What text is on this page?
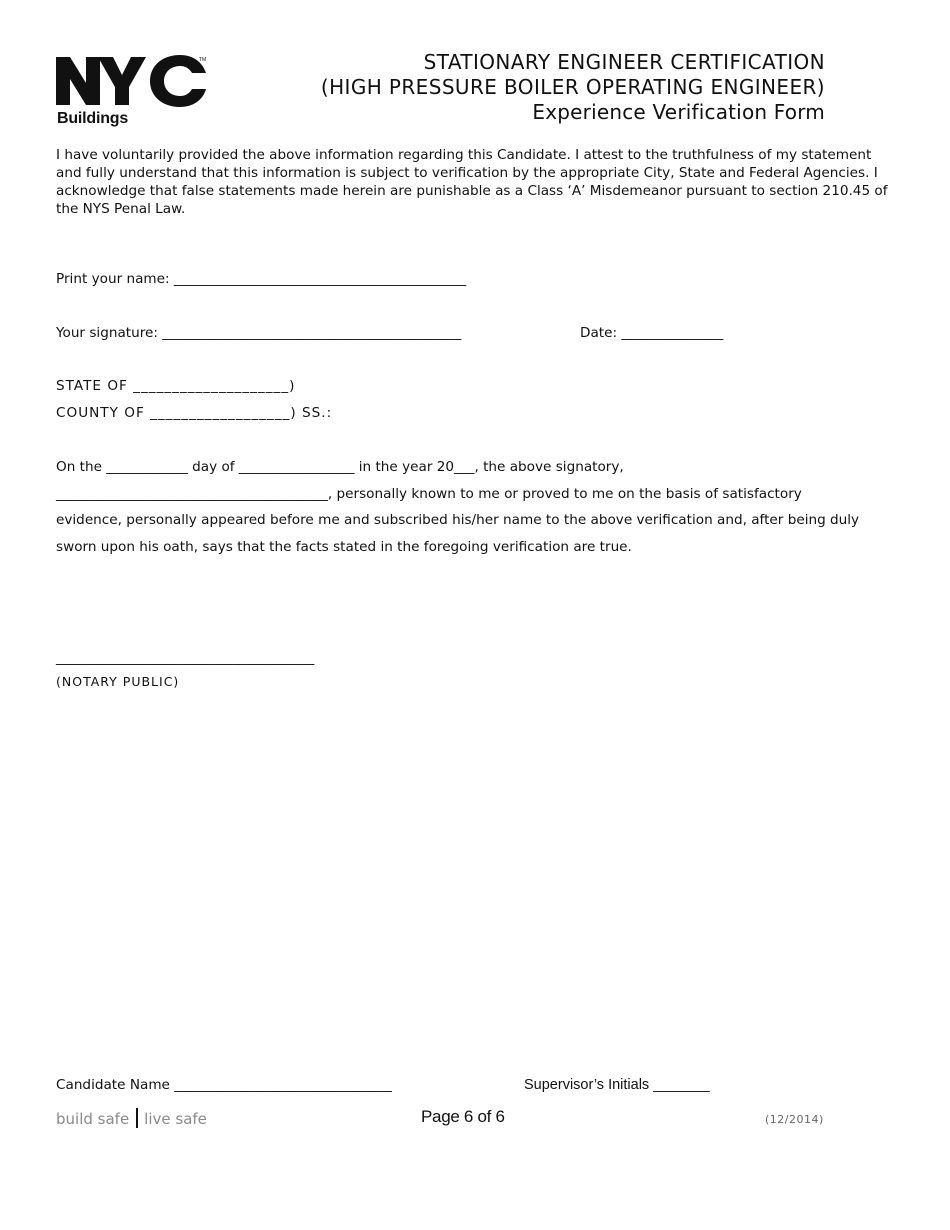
TM
Buildings
STATIONARY ENGINEER CERTIFICATION
(HIGH PRESSURE BOILER OPERATING ENGINEER)
Experience Verification Form
I have voluntarily provided the above information regarding this Candidate. I attest to the truthfulness of my statement and fully understand that this information is subject to verification by the appropriate City, State and Federal Agencies. I acknowledge that false statements made herein are punishable as a Class ‘A’ Misdemeanor pursuant to section 210.45 of the NYS Penal Law.
Print your name: ___________________________________________
Your signature: ____________________________________________	Date: _______________
STATE OF ____________________)
COUNTY OF __________________) SS.:
On the ____________ day of _________________ in the year 20___, the above signatory,
________________________________________, personally known to me or proved to me on the basis of satisfactory
evidence, personally appeared before me and subscribed his/her name to the above verification and, after being duly
sworn upon his oath, says that the facts stated in the foregoing verification are true.
______________________________________
(NOTARY PUBLIC)
Candidate Name ________________________________	Supervisor’s Initials _______
build safe live safe	Page 6 of 6	(12/2014)
